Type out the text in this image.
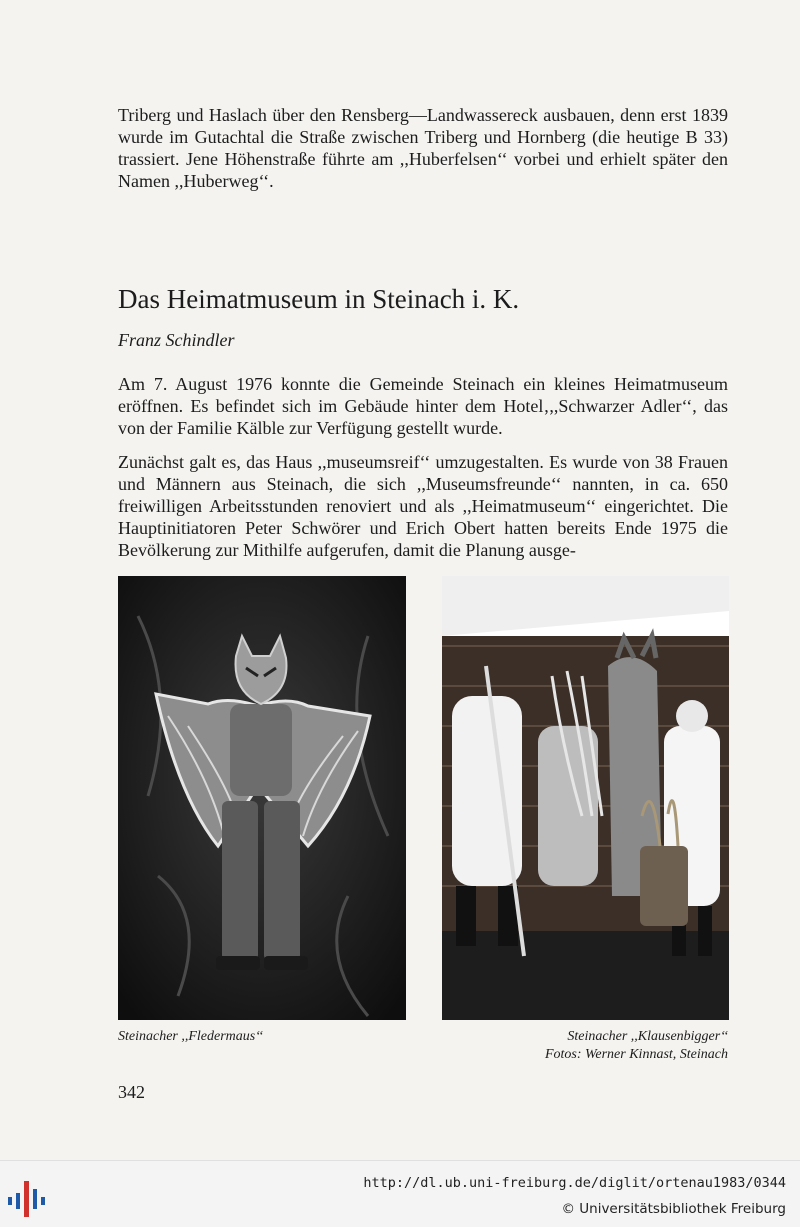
Triberg und Haslach über den Rensberg—Landwassereck ausbauen, denn erst 1839 wurde im Gutachtal die Straße zwischen Triberg und Hornberg (die heutige B 33) trassiert. Jene Höhenstraße führte am ,,Huberfelsen‘‘ vorbei und erhielt später den Namen ,,Huberweg‘‘.

Das Heimatmuseum in Steinach i. K.

Franz Schindler

Am 7. August 1976 konnte die Gemeinde Steinach ein kleines Heimatmuseum eröffnen. Es befindet sich im Gebäude hinter dem Hotel‚,,Schwarzer Adler‘‘, das von der Familie Kälble zur Verfügung gestellt wurde.

Zunächst galt es, das Haus ,,museumsreif‘‘ umzugestalten. Es wurde von 38 Frauen und Männern aus Steinach, die sich ,,Museumsfreunde‘‘ nannten, in ca. 650 freiwilligen Arbeitsstunden renoviert und als ,,Heimatmuseum‘‘ eingerichtet. Die Hauptinitiatoren Peter Schwörer und Erich Obert hatten bereits Ende 1975 die Bevölkerung zur Mithilfe aufgerufen, damit die Planung ausge-

Steinacher ,,Fledermaus‘‘	Steinacher ,,Klausenbigger‘‘

Fotos: Werner Kinnast, Steinach

342

http://dl.ub.uni-freiburg.de/diglit/ortenau1983/0344

© Universitätsbibliothek Freiburg
